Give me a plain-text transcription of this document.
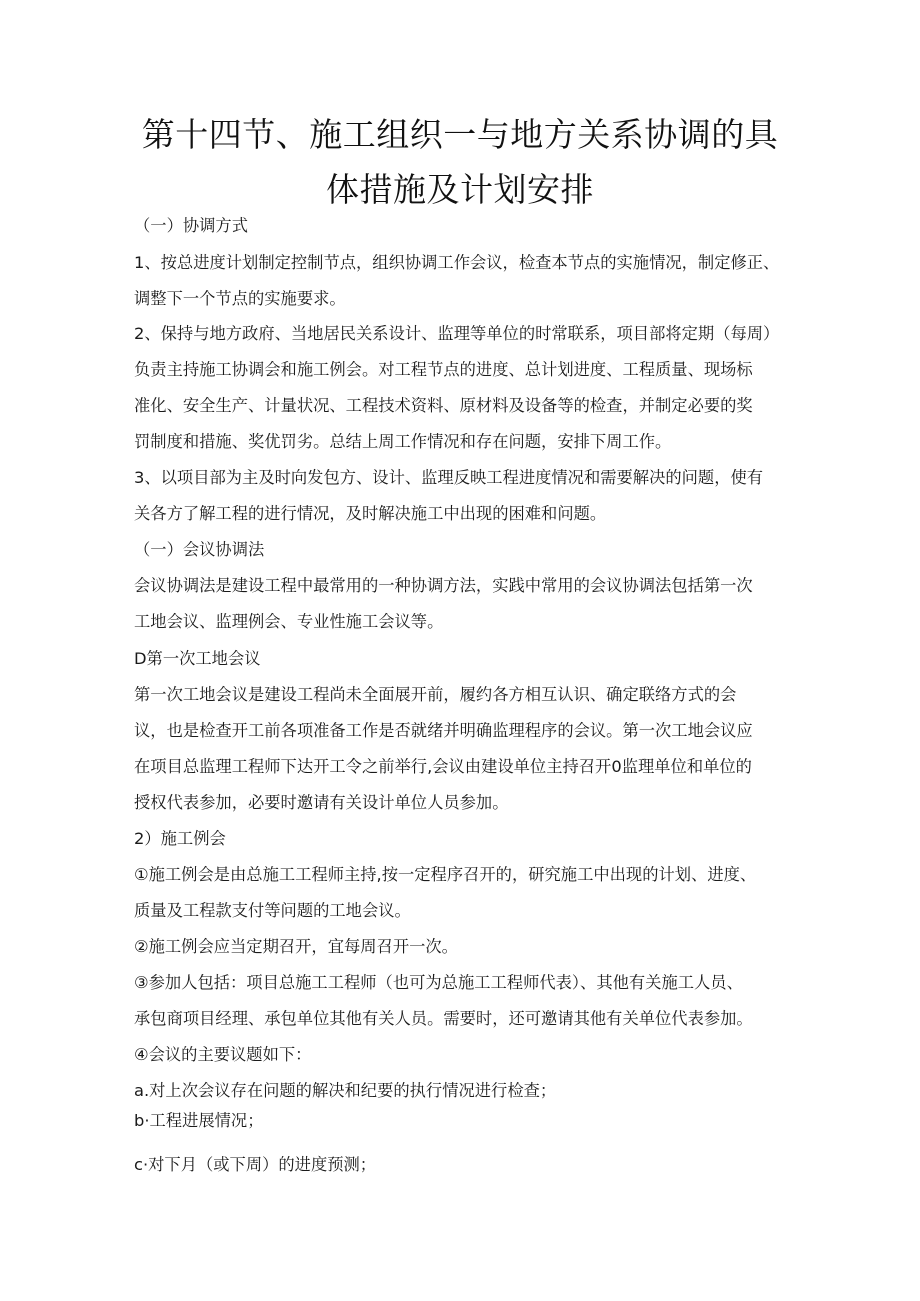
第十四节、施工组织一与地方关系协调的具
体措施及计划安排
（一）协调方式
1、按总进度计划制定控制节点，组织协调工作会议，检查本节点的实施情况，制定修正、
调整下一个节点的实施要求。
2、保持与地方政府、当地居民关系设计、监理等单位的时常联系，项目部将定期（每周）
负责主持施工协调会和施工例会。对工程节点的进度、总计划进度、工程质量、现场标
准化、安全生产、计量状况、工程技术资料、原材料及设备等的检查，并制定必要的奖
罚制度和措施、奖优罚劣。总结上周工作情况和存在问题，安排下周工作。
3、以项目部为主及时向发包方、设计、监理反映工程进度情况和需要解决的问题，使有
关各方了解工程的进行情况，及时解决施工中出现的困难和问题。
（一）会议协调法
会议协调法是建设工程中最常用的一种协调方法，实践中常用的会议协调法包括第一次
工地会议、监理例会、专业性施工会议等。
D第一次工地会议
第一次工地会议是建设工程尚未全面展开前，履约各方相互认识、确定联络方式的会
议，也是检查开工前各项准备工作是否就绪并明确监理程序的会议。第一次工地会议应
在项目总监理工程师下达开工令之前举行,会议由建设单位主持召开0监理单位和单位的
授权代表参加，必要时邀请有关设计单位人员参加。
2）施工例会
①施工例会是由总施工工程师主持,按一定程序召开的，研究施工中出现的计划、进度、
质量及工程款支付等问题的工地会议。
②施工例会应当定期召开，宜每周召开一次。
③参加人包括：项目总施工工程师（也可为总施工工程师代表）、其他有关施工人员、
承包商项目经理、承包单位其他有关人员。需要时，还可邀请其他有关单位代表参加。
④会议的主要议题如下：
a.对上次会议存在问题的解决和纪要的执行情况进行检查；
b·工程进展情况；
c·对下月（或下周）的进度预测；
